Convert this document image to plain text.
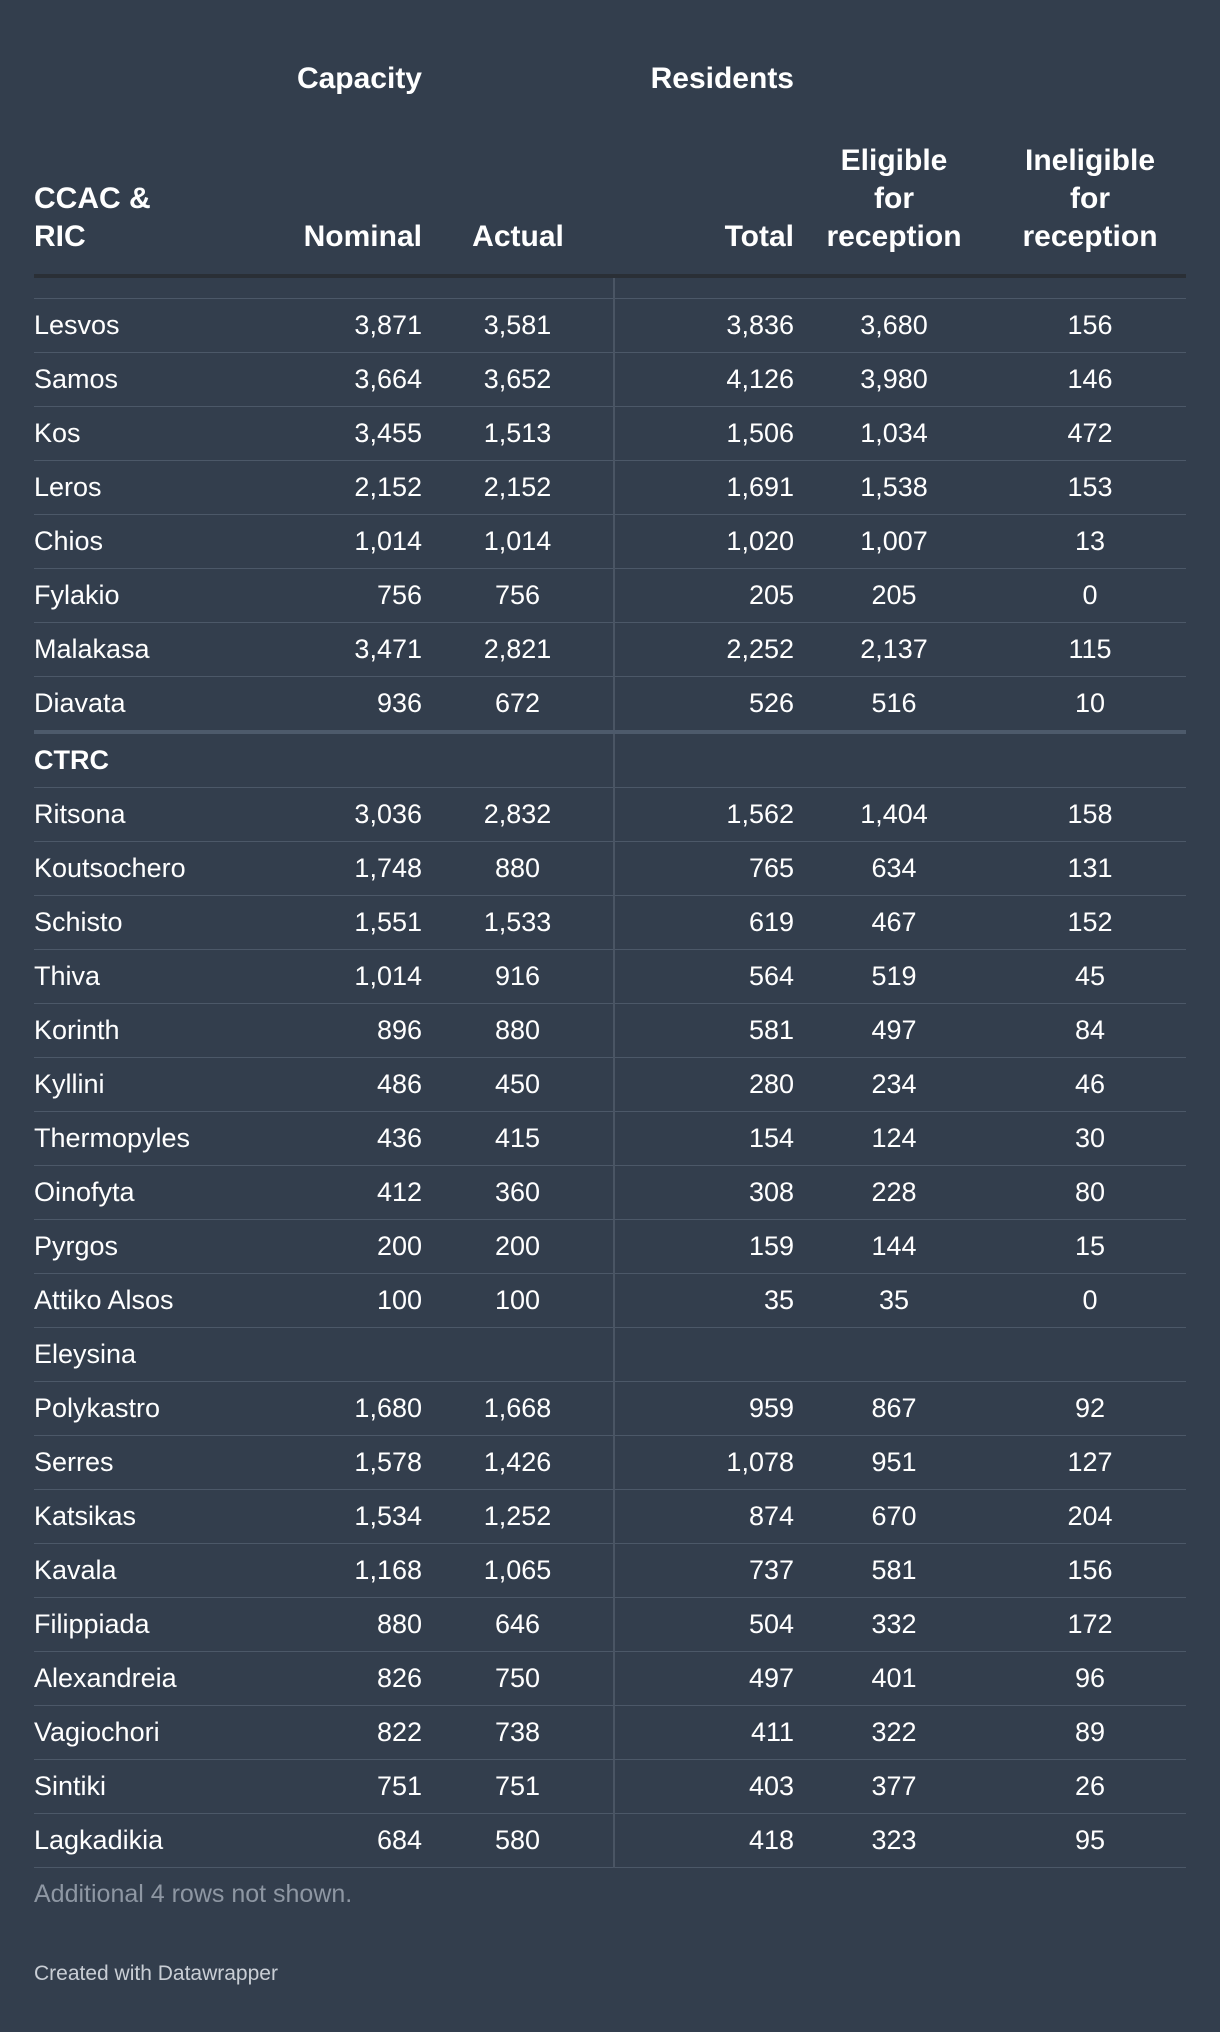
	Capacity		Residents		
CCAC & RIC	Nominal	Actual	Total	Eligible for reception	Ineligible for reception

Lesvos	3,871	3,581	3,836	3,680	156
Samos	3,664	3,652	4,126	3,980	146
Kos	3,455	1,513	1,506	1,034	472
Leros	2,152	2,152	1,691	1,538	153
Chios	1,014	1,014	1,020	1,007	13
Fylakio	756	756	205	205	0
Malakasa	3,471	2,821	2,252	2,137	115
Diavata	936	672	526	516	10
CTRC					
Ritsona	3,036	2,832	1,562	1,404	158
Koutsochero	1,748	880	765	634	131
Schisto	1,551	1,533	619	467	152
Thiva	1,014	916	564	519	45
Korinth	896	880	581	497	84
Kyllini	486	450	280	234	46
Thermopyles	436	415	154	124	30
Oinofyta	412	360	308	228	80
Pyrgos	200	200	159	144	15
Attiko Alsos	100	100	35	35	0
Eleysina					
Polykastro	1,680	1,668	959	867	92
Serres	1,578	1,426	1,078	951	127
Katsikas	1,534	1,252	874	670	204
Kavala	1,168	1,065	737	581	156
Filippiada	880	646	504	332	172
Alexandreia	826	750	497	401	96
Vagiochori	822	738	411	322	89
Sintiki	751	751	403	377	26
Lagkadikia	684	580	418	323	95
Additional 4 rows not shown.
Created with Datawrapper
